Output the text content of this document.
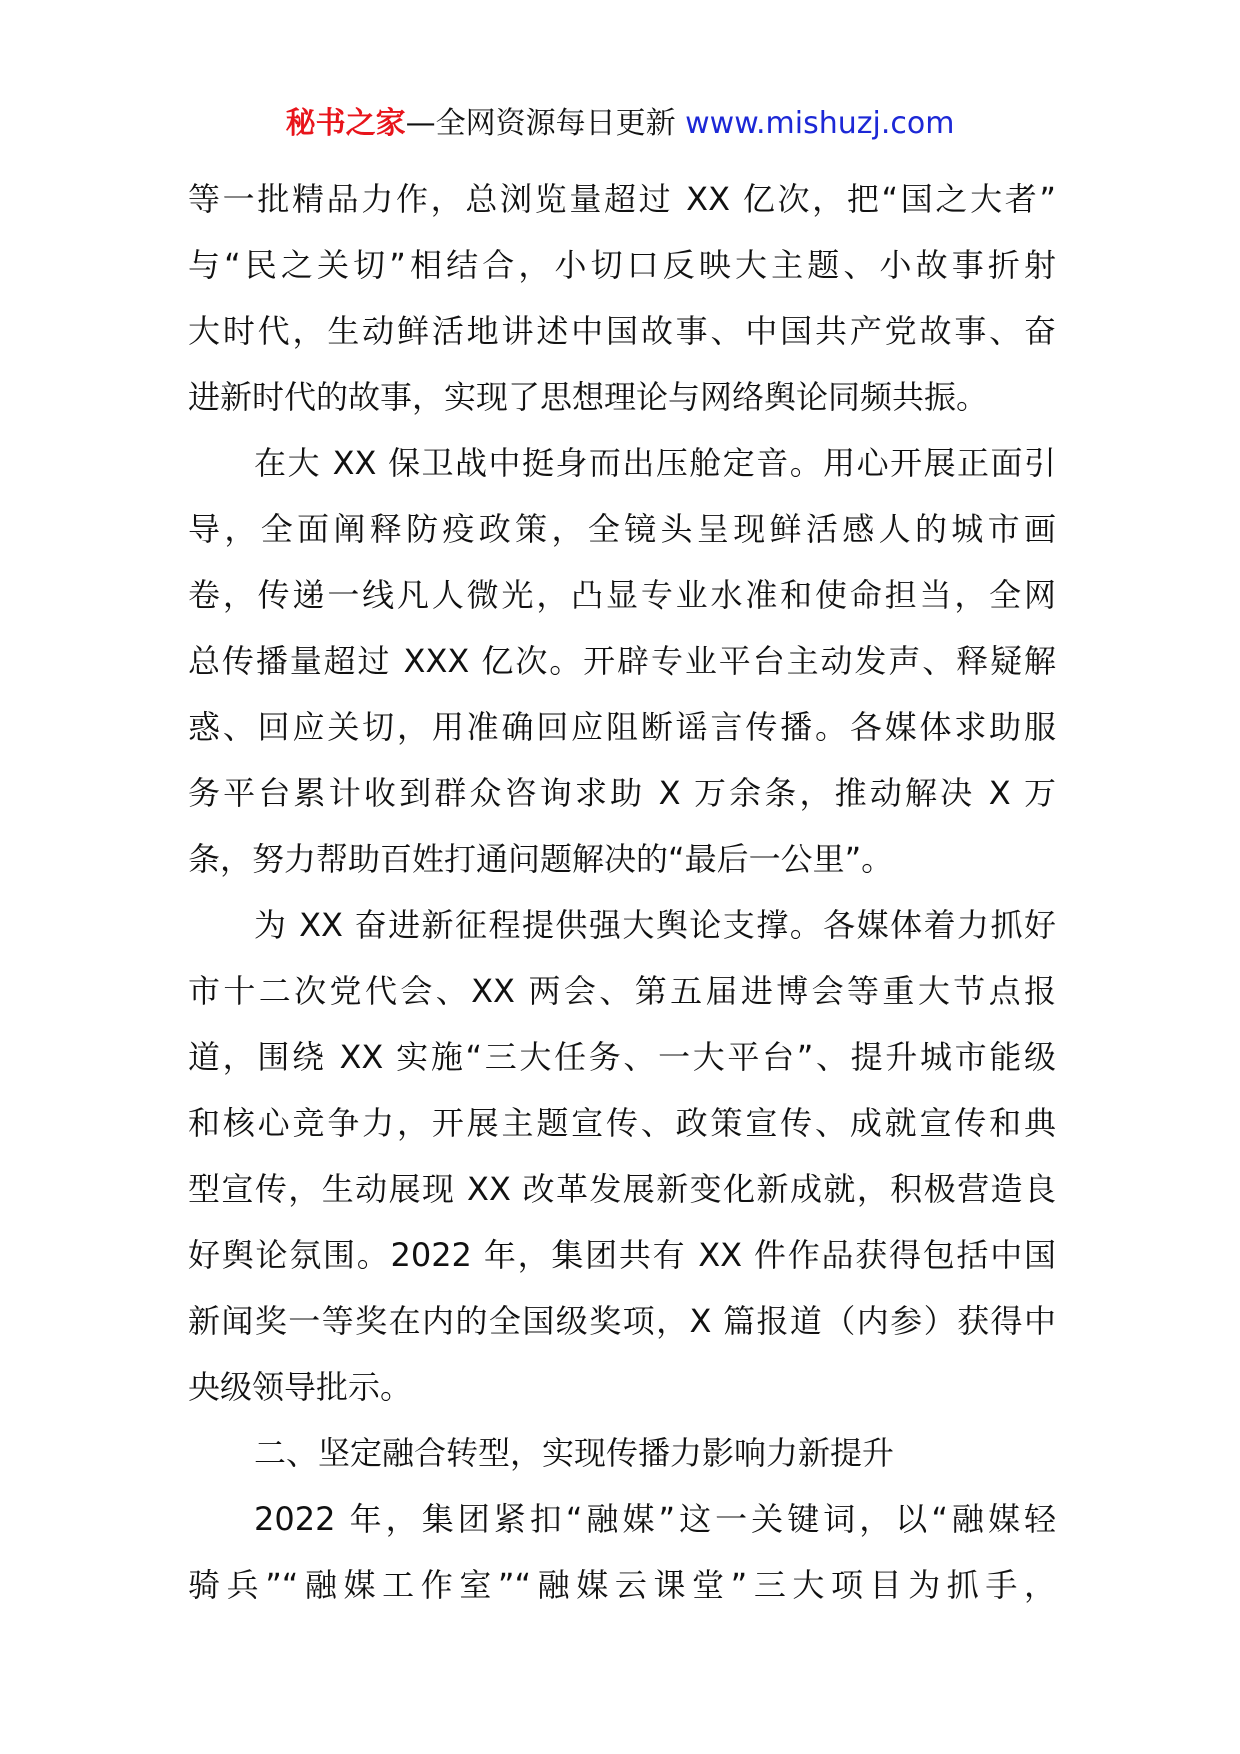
秘书之家—全网资源每日更新 www.mishuzj.com
等一批精品力作，总浏览量超过 XX 亿次，把“国之大者”
与“民之关切”相结合，小切口反映大主题、小故事折射
大时代，生动鲜活地讲述中国故事、中国共产党故事、奋
进新时代的故事，实现了思想理论与网络舆论同频共振。
在大 XX 保卫战中挺身而出压舱定音。用心开展正面引
导，全面阐释防疫政策，全镜头呈现鲜活感人的城市画
卷，传递一线凡人微光，凸显专业水准和使命担当，全网
总传播量超过 XXX 亿次。开辟专业平台主动发声、释疑解
惑、回应关切，用准确回应阻断谣言传播。各媒体求助服
务平台累计收到群众咨询求助 X 万余条，推动解决 X 万
条，努力帮助百姓打通问题解决的“最后一公里”。
为 XX 奋进新征程提供强大舆论支撑。各媒体着力抓好
市十二次党代会、XX 两会、第五届进博会等重大节点报
道，围绕 XX 实施“三大任务、一大平台”、提升城市能级
和核心竞争力，开展主题宣传、政策宣传、成就宣传和典
型宣传，生动展现 XX 改革发展新变化新成就，积极营造良
好舆论氛围。2022 年，集团共有 XX 件作品获得包括中国
新闻奖一等奖在内的全国级奖项，X 篇报道（内参）获得中
央级领导批示。
二、坚定融合转型，实现传播力影响力新提升
2022 年，集团紧扣“融媒”这一关键词，以“融媒轻
骑兵”“融媒工作室”“融媒云课堂”三大项目为抓手，
